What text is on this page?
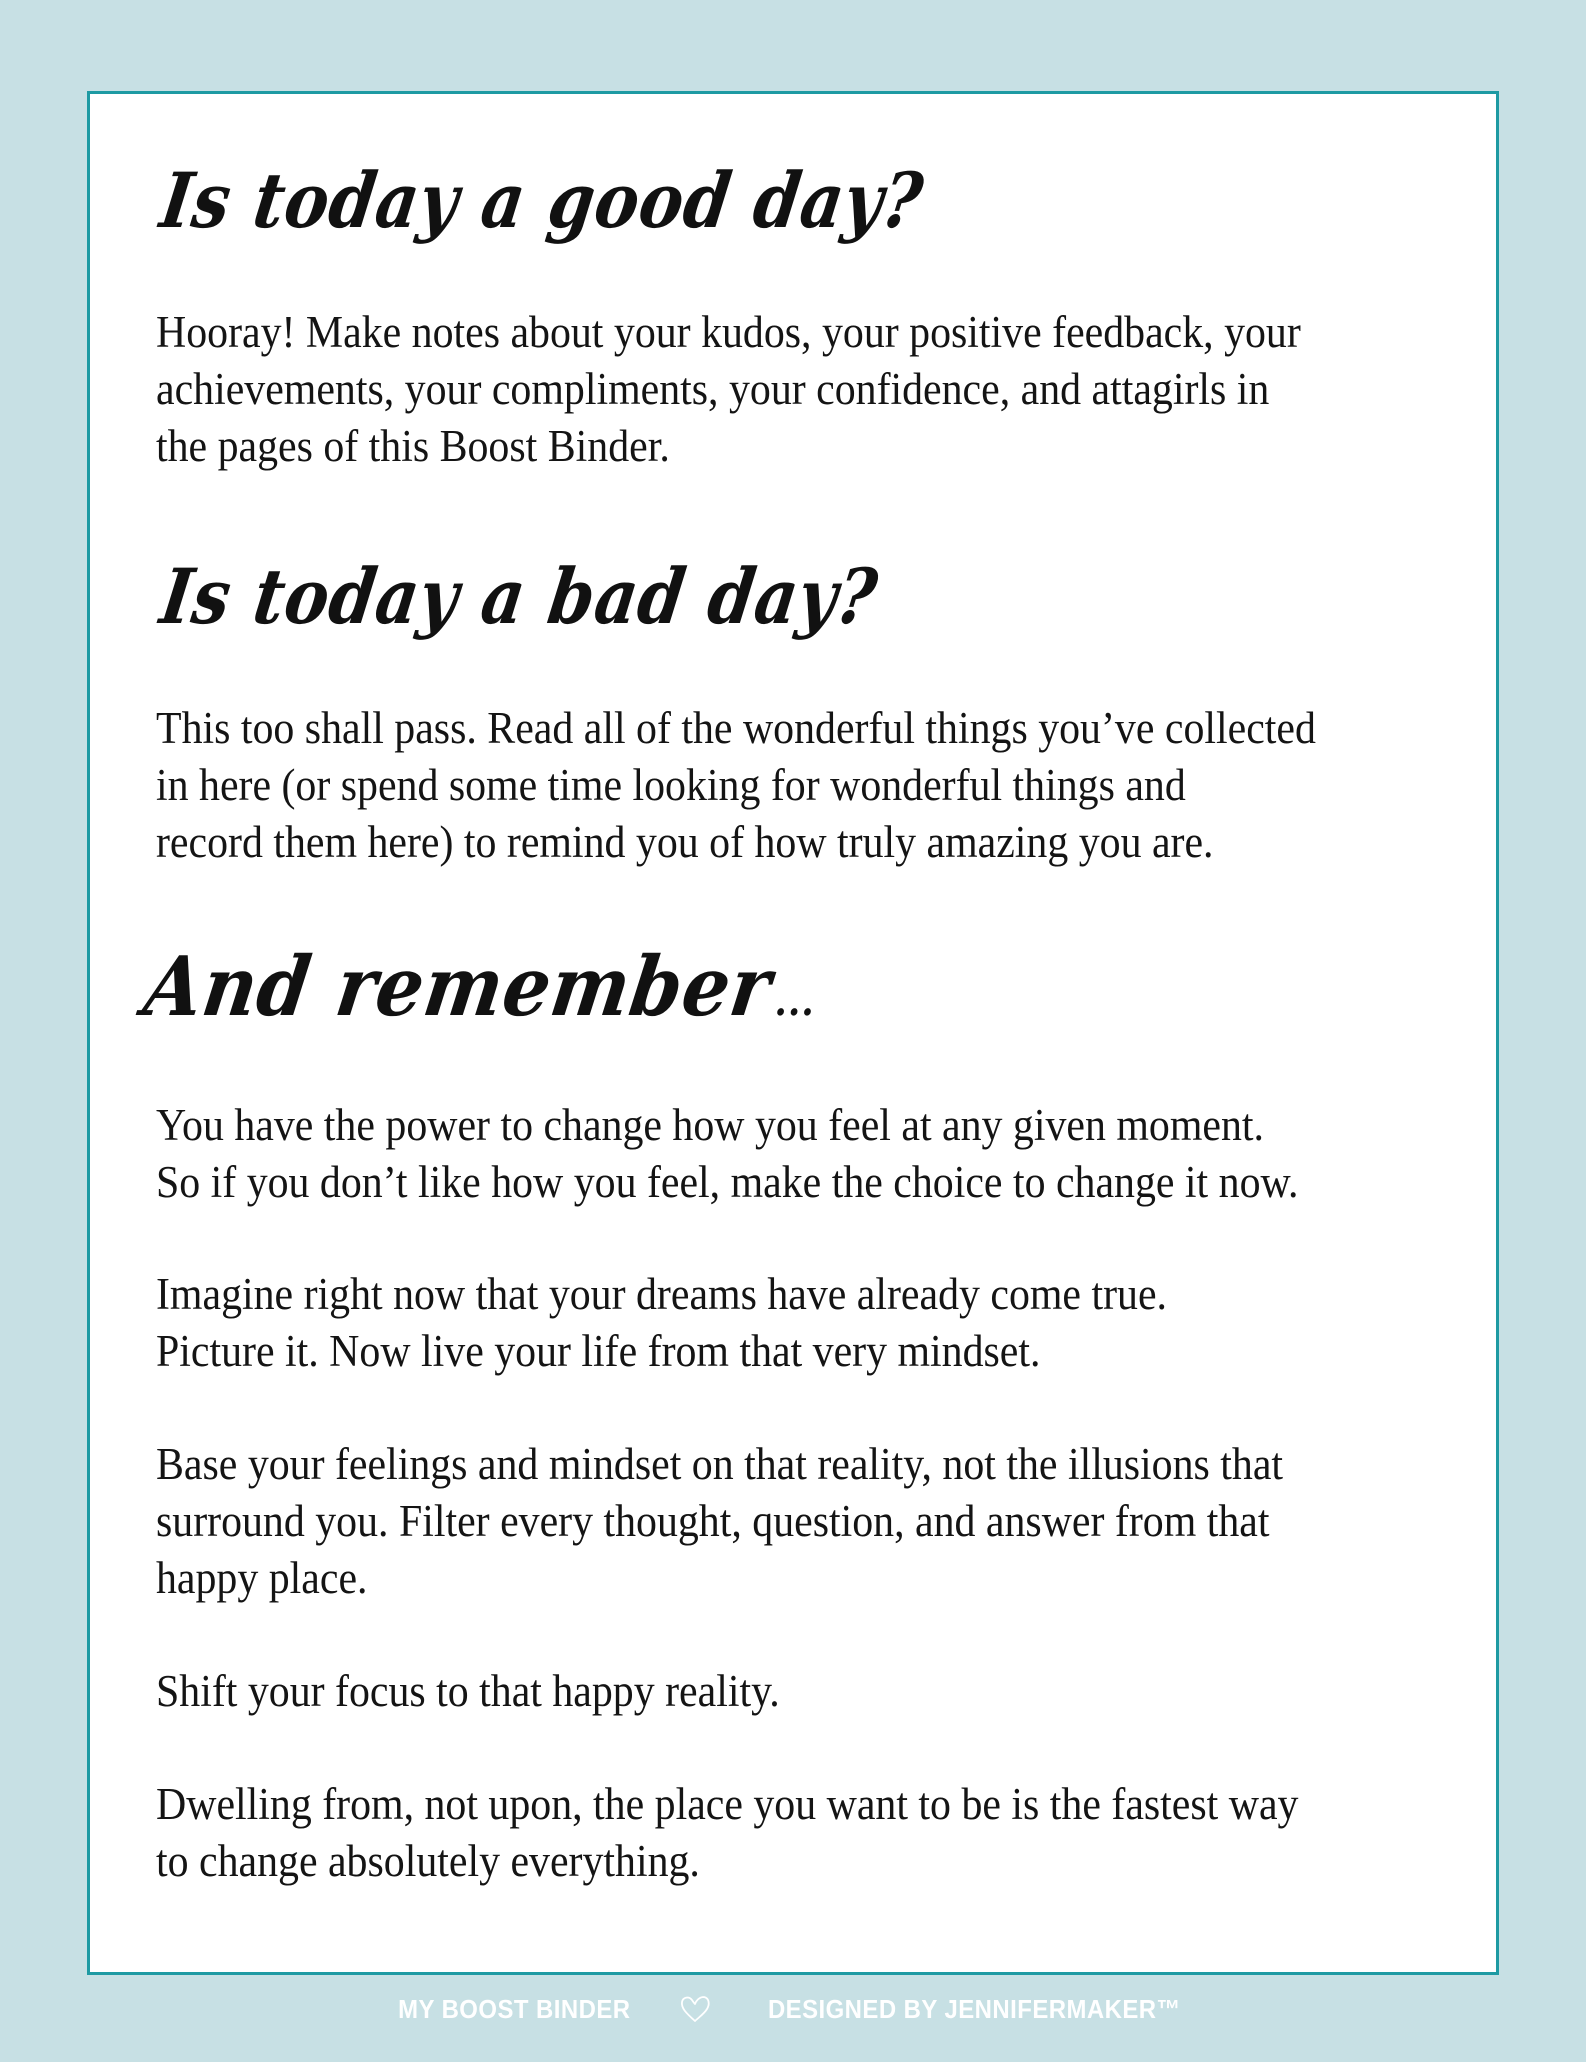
Is today a good day?

Hooray! Make notes about your kudos, your positive feedback, your
achievements, your compliments, your confidence, and attagirls in
the pages of this Boost Binder.

Is today a bad day?

This too shall pass. Read all of the wonderful things you’ve collected
in here (or spend some time looking for wonderful things and
record them here) to remind you of how truly amazing you are.

And remember...

You have the power to change how you feel at any given moment.
So if you don’t like how you feel, make the choice to change it now.

Imagine right now that your dreams have already come true.
Picture it. Now live your life from that very mindset.

Base your feelings and mindset on that reality, not the illusions that
surround you. Filter every thought, question, and answer from that
happy place.

Shift your focus to that happy reality.

Dwelling from, not upon, the place you want to be is the fastest way
to change absolutely everything.

MY BOOST BINDER	DESIGNED BY JENNIFERMAKER™
